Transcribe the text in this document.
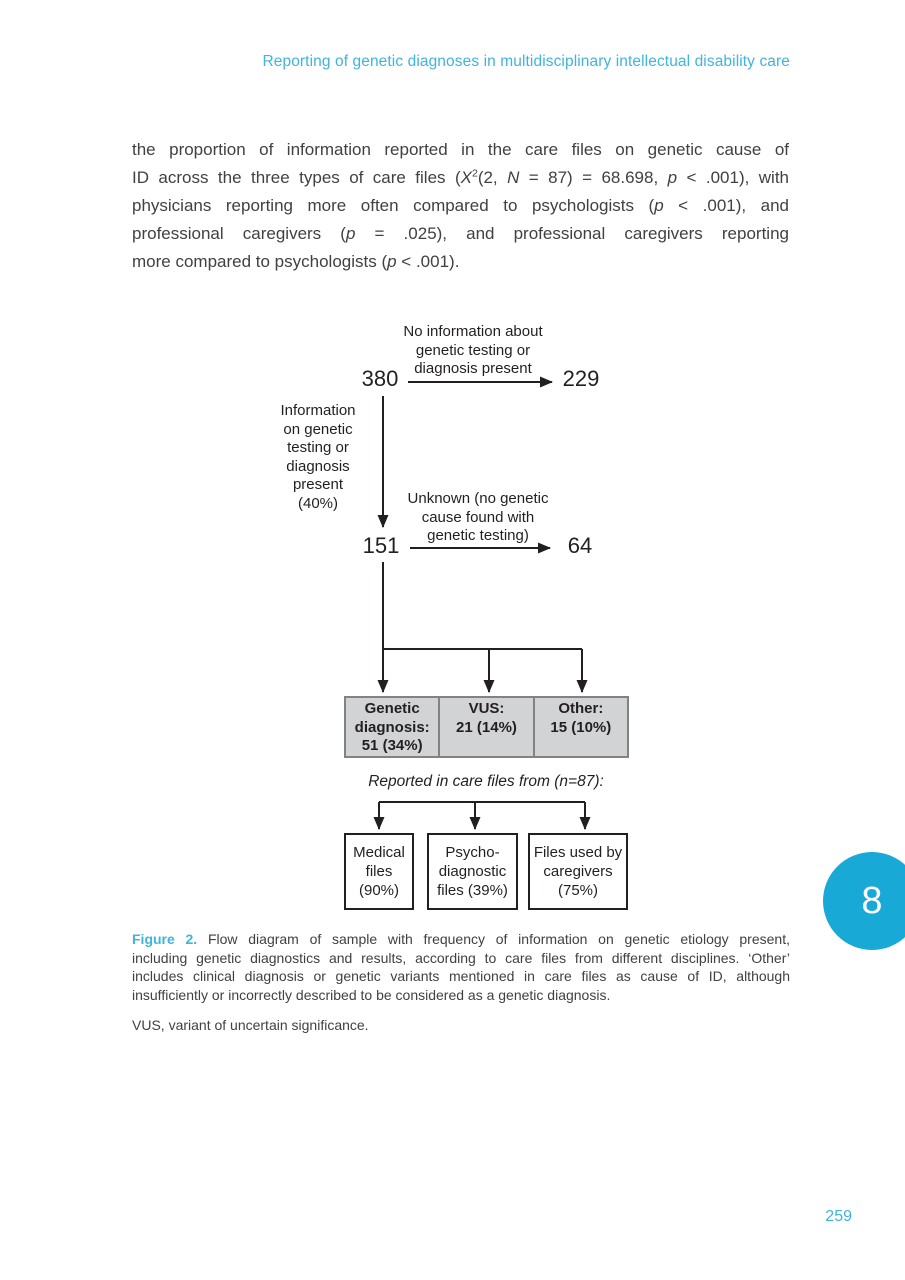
Reporting of genetic diagnoses in multidisciplinary intellectual disability care
the proportion of information reported in the care files on genetic cause of
ID across the three types of care files ($X^2(2$, N = 87) = 68.698, p < .001), with
physicians reporting more often compared to psychologists (p < .001), and
professional caregivers (p = .025), and professional caregivers reporting
more compared to psychologists (p < .001).
380
No information about
genetic testing or
diagnosis present	229
Information
on genetic
testing or
diagnosis
present
(40%)
151
Unknown (no genetic
cause found with
genetic testing)	64
Genetic
diagnosis:
51 (34%)
VUS:
21 (14%)
Other:
15 (10%)
Reported in care files from (n=87):
Medical
files
(90%)
Psycho-
diagnostic
files (39%)
Files used by
caregivers
(75%)
Figure 2. Flow diagram of sample with frequency of information on genetic etiology present,
including genetic diagnostics and results, according to care files from different disciplines. ‘Other’
includes clinical diagnosis or genetic variants mentioned in care files as cause of ID, although
insufficiently or incorrectly described to be considered as a genetic diagnosis.
VUS, variant of uncertain significance.
8
259
